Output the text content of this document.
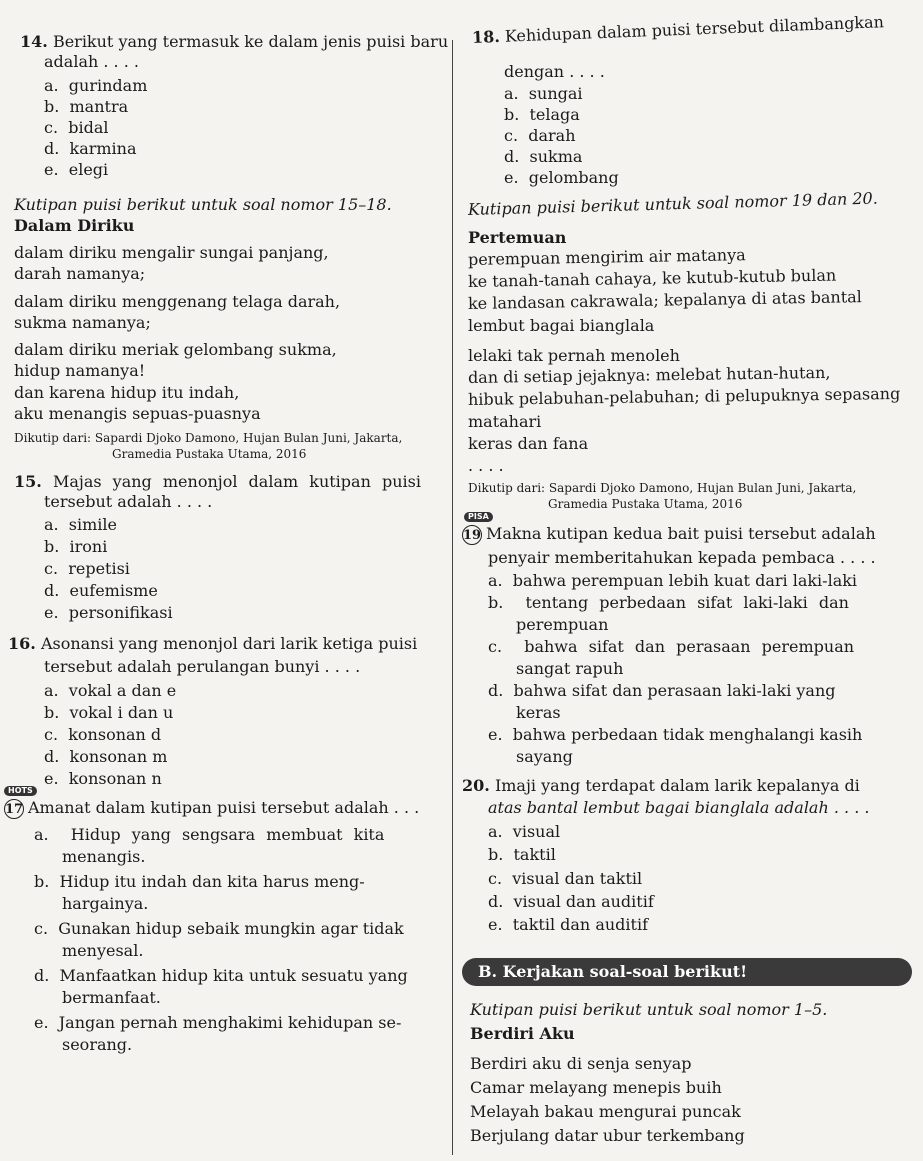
14. Berikut yang termasuk ke dalam jenis puisi baru
adalah . . . .
a. gurindam
b. mantra
c. bidal
d. karmina
e. elegi
Kutipan puisi berikut untuk soal nomor 15–18.
Dalam Diriku
dalam diriku mengalir sungai panjang,
darah namanya;
dalam diriku menggenang telaga darah,
sukma namanya;
dalam diriku meriak gelombang sukma,
hidup namanya!
dan karena hidup itu indah,
aku menangis sepuas-puasnya
Dikutip dari: Sapardi Djoko Damono, Hujan Bulan Juni, Jakarta,
Gramedia Pustaka Utama, 2016
15. Majas yang menonjol dalam kutipan puisi
tersebut adalah . . . .
a. simile
b. ironi
c. repetisi
d. eufemisme
e. personifikasi
16. Asonansi yang menonjol dari larik ketiga puisi
tersebut adalah perulangan bunyi . . . .
a. vokal a dan e
b. vokal i dan u
c. konsonan d
d. konsonan m
e. konsonan n
HOTS
17 Amanat dalam kutipan puisi tersebut adalah . . .
a. Hidup yang sengsara membuat kita
menangis.
b. Hidup itu indah dan kita harus meng-
hargainya.
c. Gunakan hidup sebaik mungkin agar tidak
menyesal.
d. Manfaatkan hidup kita untuk sesuatu yang
bermanfaat.
e. Jangan pernah menghakimi kehidupan se-
seorang.
18. Kehidupan dalam puisi tersebut dilambangkan
dengan . . . .
a. sungai
b. telaga
c. darah
d. sukma
e. gelombang
Kutipan puisi berikut untuk soal nomor 19 dan 20.
Pertemuan
perempuan mengirim air matanya
ke tanah-tanah cahaya, ke kutub-kutub bulan
ke landasan cakrawala; kepalanya di atas bantal
lembut bagai bianglala
lelaki tak pernah menoleh
dan di setiap jejaknya: melebat hutan-hutan,
hibuk pelabuhan-pelabuhan; di pelupuknya sepasang
matahari
keras dan fana
. . . .
Dikutip dari: Sapardi Djoko Damono, Hujan Bulan Juni, Jakarta,
Gramedia Pustaka Utama, 2016
PISA
19 Makna kutipan kedua bait puisi tersebut adalah
penyair memberitahukan kepada pembaca . . . .
a. bahwa perempuan lebih kuat dari laki-laki
b. tentang perbedaan sifat laki-laki dan
perempuan
c. bahwa sifat dan perasaan perempuan
sangat rapuh
d. bahwa sifat dan perasaan laki-laki yang
keras
e. bahwa perbedaan tidak menghalangi kasih
sayang
20. Imaji yang terdapat dalam larik kepalanya di
atas bantal lembut bagai bianglala adalah . . . .
a. visual
b. taktil
c. visual dan taktil
d. visual dan auditif
e. taktil dan auditif
B. Kerjakan soal-soal berikut!
Kutipan puisi berikut untuk soal nomor 1–5.
Berdiri Aku
Berdiri aku di senja senyap
Camar melayang menepis buih
Melayah bakau mengurai puncak
Berjulang datar ubur terkembang
